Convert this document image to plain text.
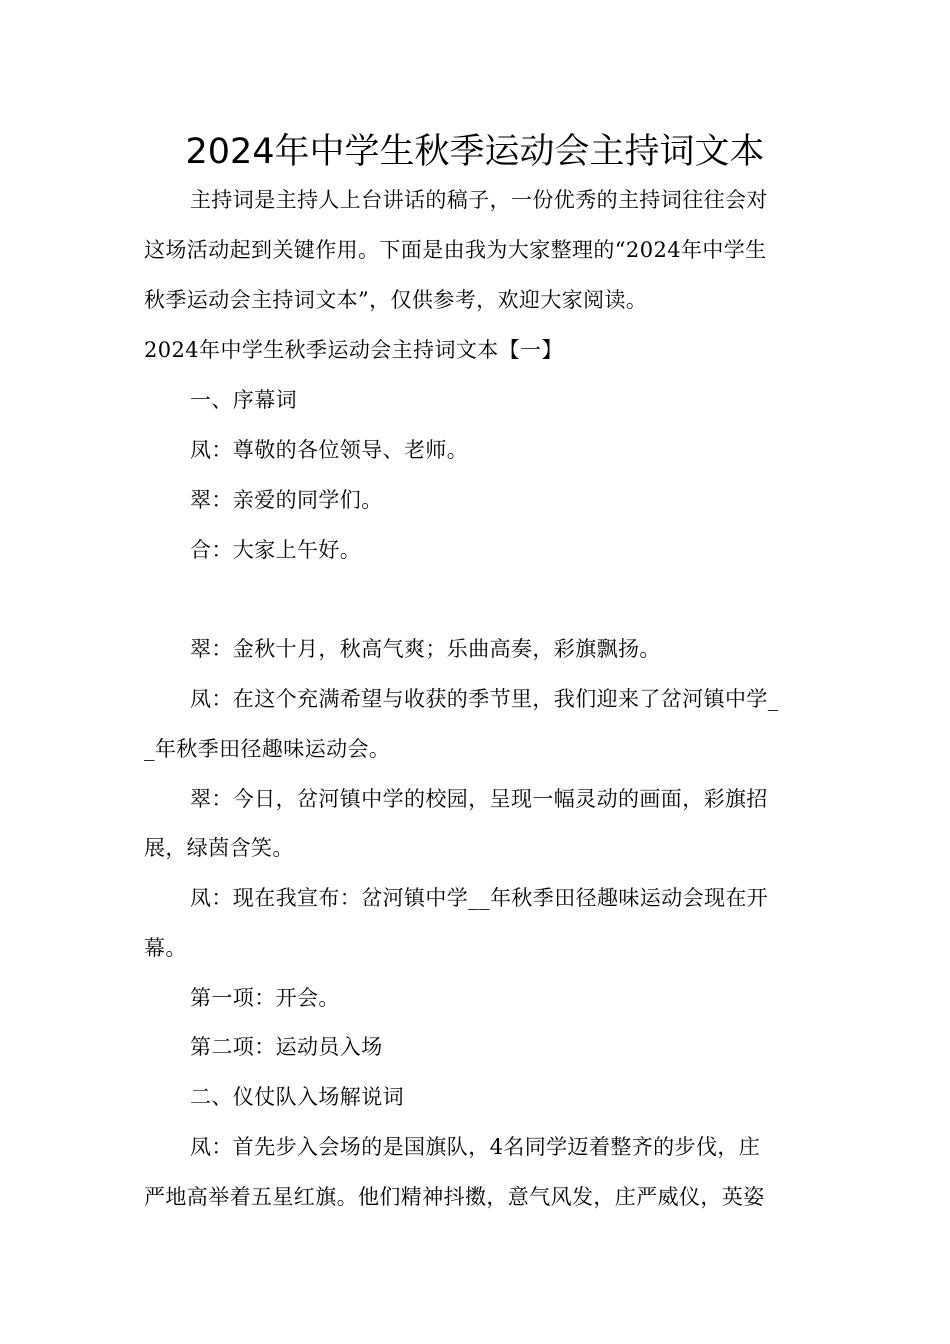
2024年中学生秋季运动会主持词文本
主持词是主持人上台讲话的稿子，一份优秀的主持词往往会对
这场活动起到关键作用。下面是由我为大家整理的“2024年中学生
秋季运动会主持词文本”，仅供参考，欢迎大家阅读。
2024年中学生秋季运动会主持词文本【一】
一、序幕词
凤：尊敬的各位领导、老师。
翠：亲爱的同学们。
合：大家上午好。
翠：金秋十月，秋高气爽；乐曲高奏，彩旗飘扬。
凤：在这个充满希望与收获的季节里，我们迎来了岔河镇中学_
_年秋季田径趣味运动会。
翠：今日，岔河镇中学的校园，呈现一幅灵动的画面，彩旗招
展，绿茵含笑。
凤：现在我宣布：岔河镇中学__年秋季田径趣味运动会现在开
幕。
第一项：开会。
第二项：运动员入场
二、仪仗队入场解说词
凤：首先步入会场的是国旗队，4名同学迈着整齐的步伐，庄
严地高举着五星红旗。他们精神抖擞，意气风发，庄严威仪，英姿
